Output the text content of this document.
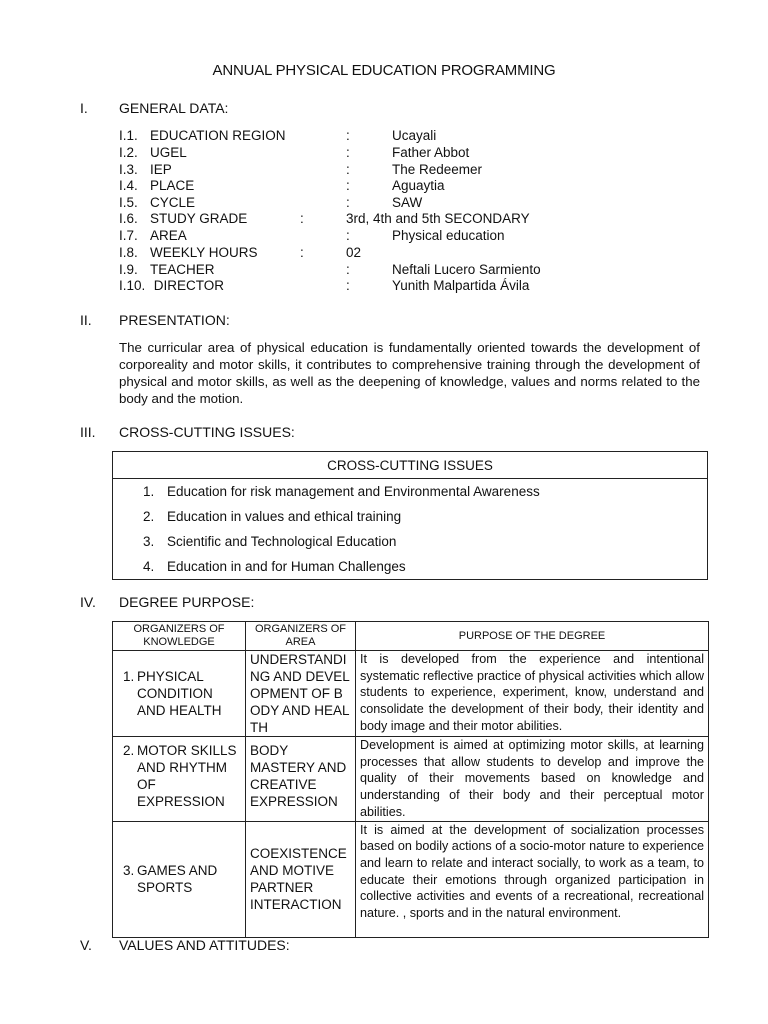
ANNUAL PHYSICAL EDUCATION PROGRAMMING
I. GENERAL DATA:
I.1. EDUCATION REGION	:	Ucayali
I.2. UGEL	:	Father Abbot
I.3. IEP	:	The Redeemer
I.4. PLACE	:	Aguaytia
I.5. CYCLE	:	SAW
I.6. STUDY GRADE	:	3rd, 4th and 5th SECONDARY
I.7. AREA	:	Physical education
I.8. WEEKLY HOURS	:	02
I.9. TEACHER	:	Neftali Lucero Sarmiento
I.10. DIRECTOR	:	Yunith Malpartida Ávila
II. PRESENTATION:
The curricular area of physical education is fundamentally oriented towards the development of corporeality and motor skills, it contributes to comprehensive training through the development of physical and motor skills, as well as the deepening of knowledge, values and norms related to the body and the motion.
III. CROSS-CUTTING ISSUES:
CROSS-CUTTING ISSUES

1. Education for risk management and Environmental Awareness
2. Education in values and ethical training
3. Scientific and Technological Education
4. Education in and for Human Challenges
IV. DEGREE PURPOSE:
ORGANIZERS OF KNOWLEDGE	ORGANIZERS OF AREA	PURPOSE OF THE DEGREE

1. PHYSICAL CONDITION AND HEALTH	UNDERSTANDING AND DEVELOPMENT OF BODY AND HEALTH	It is developed from the experience and intentional systematic reflective practice of physical activities which allow students to experience, experiment, know, understand and consolidate the development of their body, their identity and body image and their motor abilities.

2. MOTOR SKILLS AND RHYTHM OF EXPRESSION	BODY MASTERY AND CREATIVE EXPRESSION	Development is aimed at optimizing motor skills, at learning processes that allow students to develop and improve the quality of their movements based on knowledge and understanding of their body and their perceptual motor abilities.

3. GAMES AND SPORTS	COEXISTENCE AND MOTIVE PARTNER INTERACTION	It is aimed at the development of socialization processes based on bodily actions of a socio-motor nature to experience and learn to relate and interact socially, to work as a team, to educate their emotions through organized participation in collective activities and events of a recreational, recreational nature. , sports and in the natural environment.
V. VALUES AND ATTITUDES:
